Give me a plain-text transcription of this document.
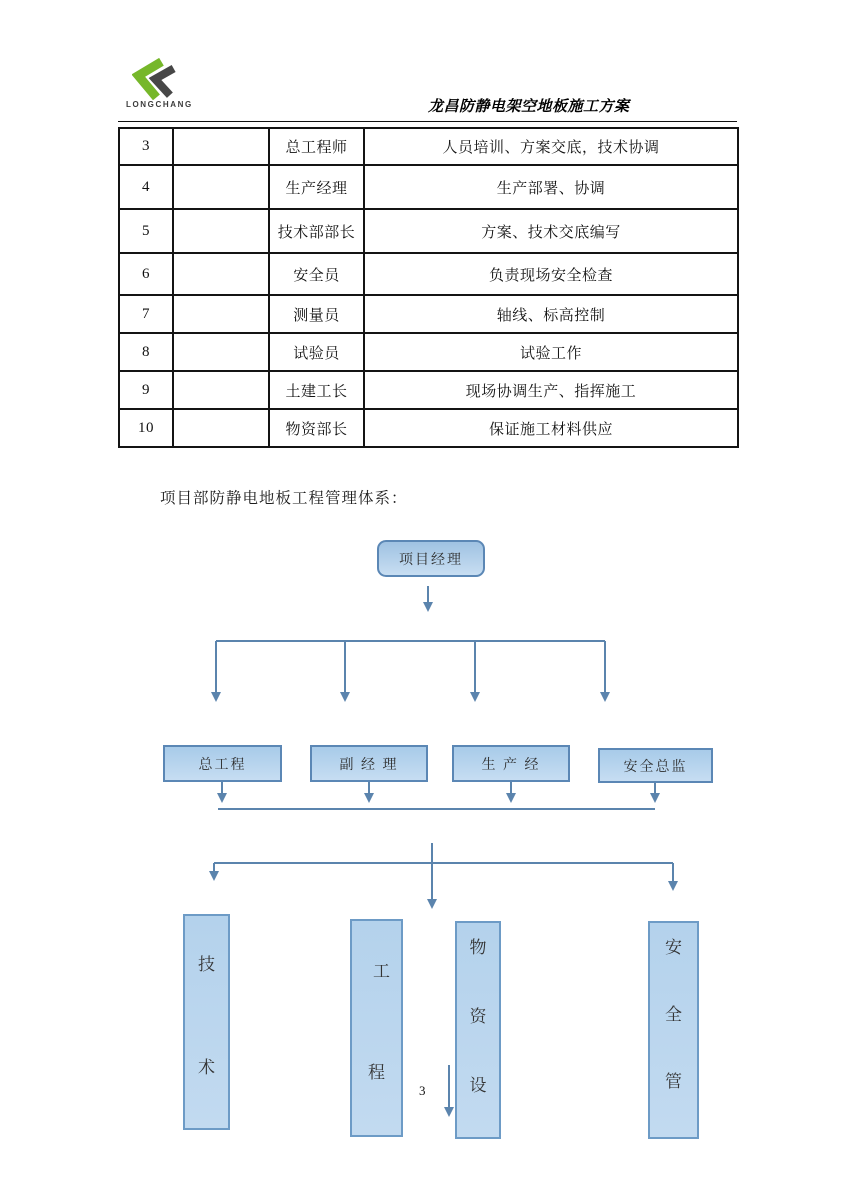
LONGCHANG	龙昌防静电架空地板施工方案
3		总工程师	人员培训、方案交底，技术协调
4		生产经理	生产部署、协调
5		技术部部长	方案、技术交底编写
6		安全员	负责现场安全检查
7		测量员	轴线、标高控制
8		试验员	试验工作
9		土建工长	现场协调生产、指挥施工
10		物资部长	保证施工材料供应
项目部防静电地板工程管理体系：
项目经理
总工程	副 经 理	生 产 经	安全总监
技
术
工
程
物
资
设
安
全
管
3
